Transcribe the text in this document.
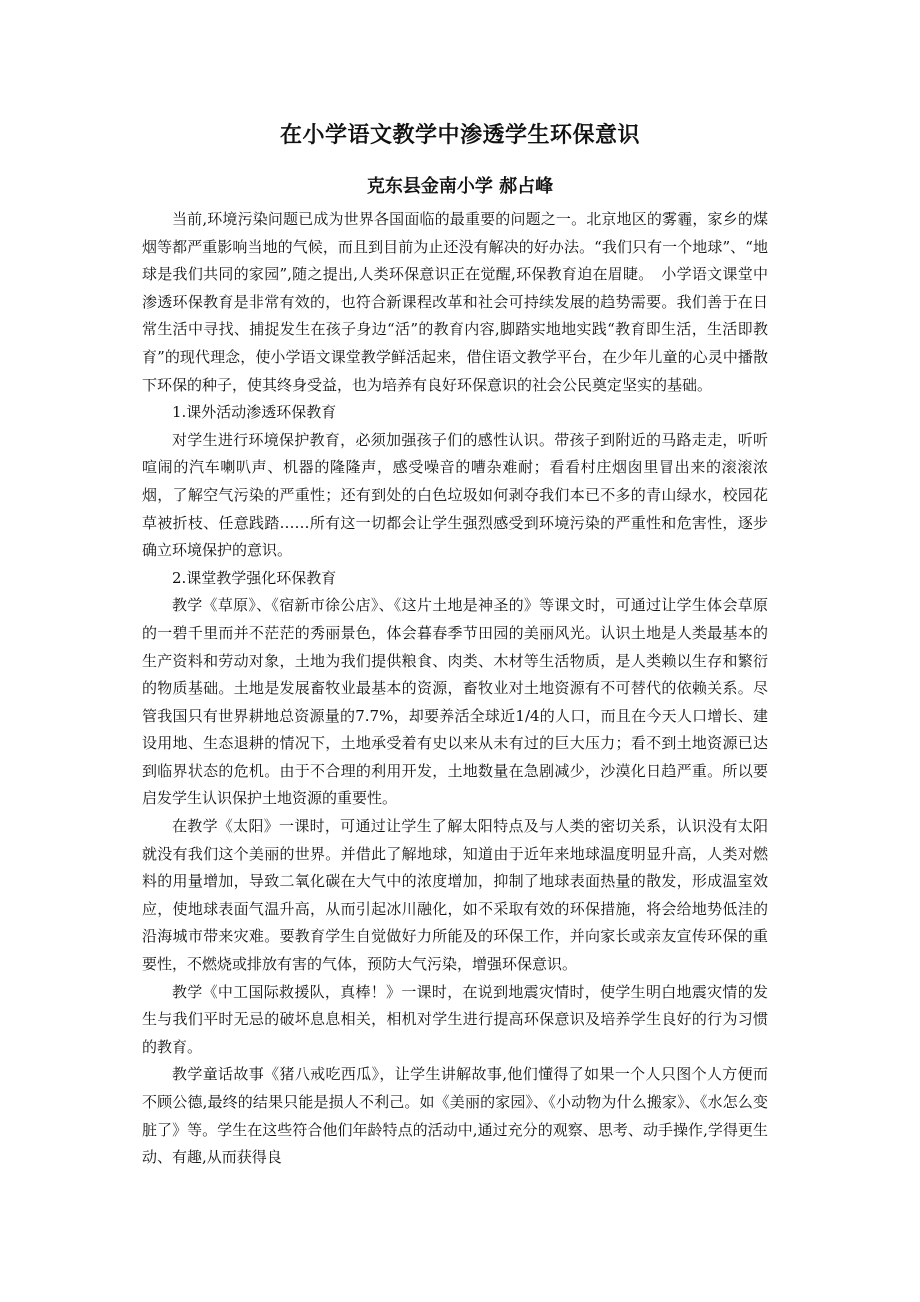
在小学语文教学中渗透学生环保意识
克东县金南小学 郝占峰

当前,环境污染问题已成为世界各国面临的最重要的问题之一。北京地区的雾霾，家乡的煤烟等都严重影响当地的气候，而且到目前为止还没有解决的好办法。“我们只有一个地球”、“地球是我们共同的家园”,随之提出,人类环保意识正在觉醒,环保教育迫在眉睫。　小学语文课堂中渗透环保教育是非常有效的，也符合新课程改革和社会可持续发展的趋势需要。我们善于在日常生活中寻找、捕捉发生在孩子身边“活”的教育内容,脚踏实地地实践“教育即生活，生活即教育”的现代理念，使小学语文课堂教学鲜活起来，借住语文教学平台，在少年儿童的心灵中播散下环保的种子，使其终身受益，也为培养有良好环保意识的社会公民奠定坚实的基础。

1.课外活动渗透环保教育

对学生进行环境保护教育，必须加强孩子们的感性认识。带孩子到附近的马路走走，听听喧闹的汽车喇叭声、机器的隆隆声，感受噪音的嘈杂难耐；看看村庄烟囱里冒出来的滚滚浓烟，了解空气污染的严重性；还有到处的白色垃圾如何剥夺我们本已不多的青山绿水，校园花草被折枝、任意践踏……所有这一切都会让学生强烈感受到环境污染的严重性和危害性，逐步确立环境保护的意识。

2.课堂教学强化环保教育

教学《草原》、《宿新市徐公店》、《这片土地是神圣的》等课文时，可通过让学生体会草原的一碧千里而并不茫茫的秀丽景色，体会暮春季节田园的美丽风光。认识土地是人类最基本的生产资料和劳动对象，土地为我们提供粮食、肉类、木材等生活物质，是人类赖以生存和繁衍的物质基础。土地是发展畜牧业最基本的资源，畜牧业对土地资源有不可替代的依赖关系。尽管我国只有世界耕地总资源量的7.7%，却要养活全球近1/4的人口，而且在今天人口增长、建设用地、生态退耕的情况下，土地承受着有史以来从未有过的巨大压力；看不到土地资源已达到临界状态的危机。由于不合理的利用开发，土地数量在急剧减少，沙漠化日趋严重。所以要启发学生认识保护土地资源的重要性。

在教学《太阳》一课时，可通过让学生了解太阳特点及与人类的密切关系，认识没有太阳就没有我们这个美丽的世界。并借此了解地球，知道由于近年来地球温度明显升高，人类对燃料的用量增加，导致二氧化碳在大气中的浓度增加，抑制了地球表面热量的散发，形成温室效应，使地球表面气温升高，从而引起冰川融化，如不采取有效的环保措施，将会给地势低洼的沿海城市带来灾难。要教育学生自觉做好力所能及的环保工作，并向家长或亲友宣传环保的重要性，不燃烧或排放有害的气体，预防大气污染，增强环保意识。

教学《中工国际救援队，真棒！》一课时，在说到地震灾情时，使学生明白地震灾情的发生与我们平时无忌的破坏息息相关，相机对学生进行提高环保意识及培养学生良好的行为习惯的教育。

教学童话故事《猪八戒吃西瓜》，让学生讲解故事,他们懂得了如果一个人只图个人方便而不顾公德,最终的结果只能是损人不利己。如《美丽的家园》、《小动物为什么搬家》、《水怎么变脏了》等。学生在这些符合他们年龄特点的活动中,通过充分的观察、思考、动手操作,学得更生动、有趣,从而获得良
